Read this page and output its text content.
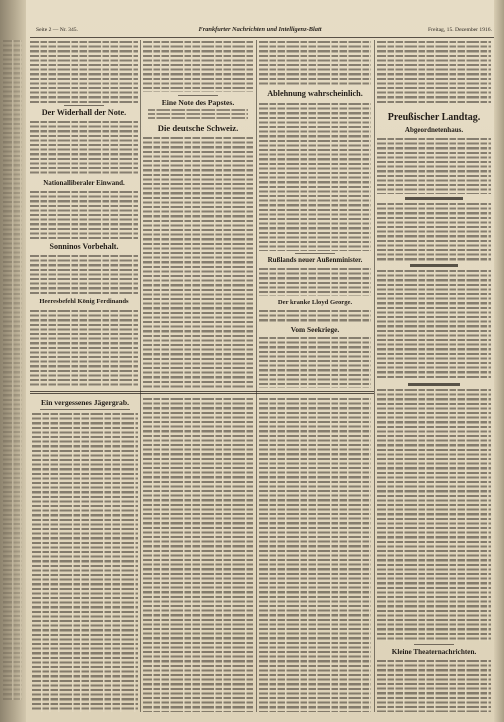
Seite 2 — Nr. 345.	Frankfurter Nachrichten und Intelligenz-Blatt	Freitag, 15. Dezember 1916.
Der Widerhall der Note.
Nationalliberaler Einwand.
Sonninos Vorbehalt.
Heeresbefehl König Ferdinands
Eine Note des Papstes.
Die deutsche Schweiz.
Ablehnung wahrscheinlich.
Rußlands neuer Außenminister.
Der kranke Lloyd George.
Vom Seekriege.
Preußischer Landtag.
Abgeordnetenhaus.
Kleine Theaternachrichten.
Ein vergessenes Jägergrab.
